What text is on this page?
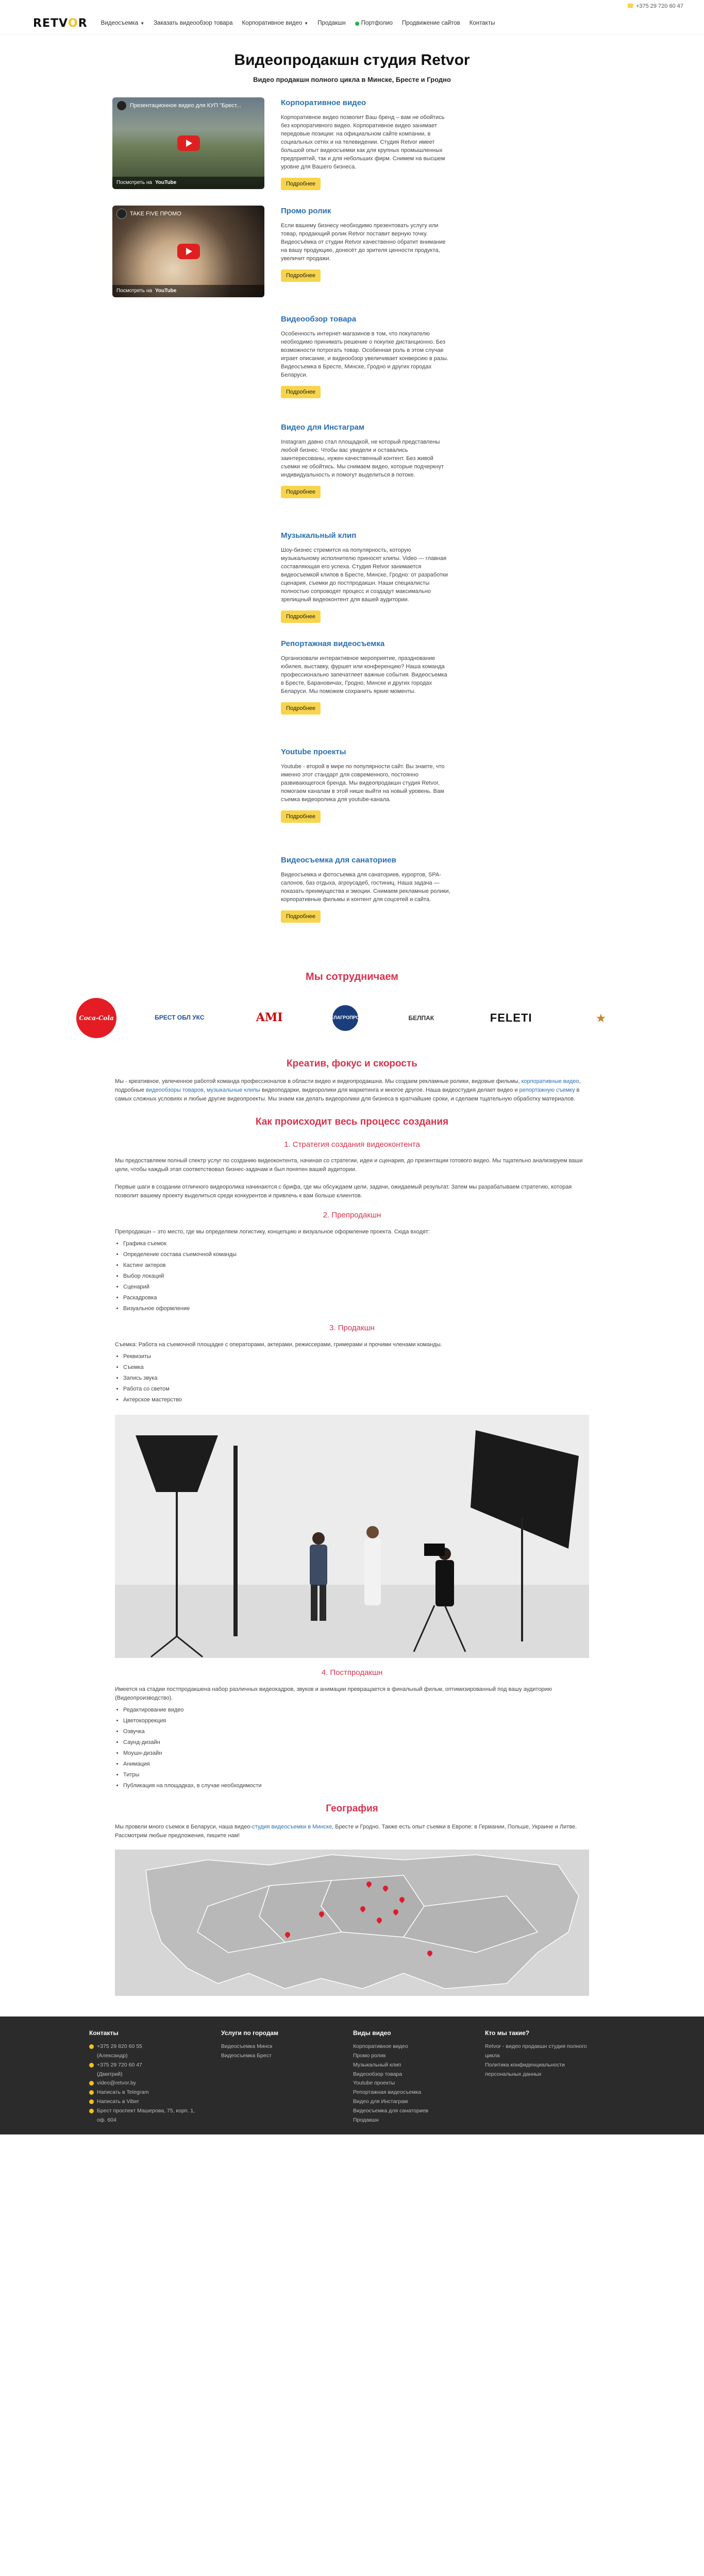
☎ +375 29 720 60 47
RETVOR Видеосъемка ▼ Заказать видеообзор товара Корпоративное видео ▼ Продакшн	Портфолио Продвижение сайтов Контакты
Видеопродакшн студия Retvor

Видео продакшн полного цикла в Минске, Бресте и Гродно

Презентационное видео для КУП "Брест...
Посмотреть на YouTube
Корпоративное видео

Корпоративное видео позволит Ваш бренд – вам не обойтись без корпоративного видео. Корпоративное видео занимает передовые позиции: на официальном сайте компании, в социальных сетях и на телевидении. Студия Retvor имеет большой опыт видеосъемки как для крупных промышленных предприятий, так и для небольших фирм. Снимем на высшем уровне для Вашего бизнеса.

Подробнее
TAKE FIVE ПРОМО
Посмотреть на YouTube
Промо ролик

Если вашему бизнесу необходимо презентовать услугу или товар, продающий ролик Retvor поставит верную точку. Видеосъёмка от студии Retvor качественно обратит внимание на вашу продукцию, донесёт до зрителя ценности продукта, увеличит продажи.

Подробнее
Видеообзор товара

Особенность интернет-магазинов в том, что покупателю необходимо принимать решение о покупке дистанционно. Без возможности потрогать товар. Особенная роль в этом случае играет описание, и видеообзор увеличивает конверсию в разы. Видеосъемка в Бресте, Минске, Гродно и других городах Беларуси.

Подробнее
Видео для Инстаграм

Instagram давно стал площадкой, не который представлены любой бизнес. Чтобы вас увидели и оставались заинтересованы, нужен качественный контент. Без живой съемки не обойтись. Мы снимаем видео, которые подчеркнут индивидуальность и помогут выделиться в потоке.

Подробнее
Музыкальный клип

Шоу-бизнес стремится на популярность, которую музыкальному исполнителю приносят клипы. Video — главная составляющая его успеха. Студия Retvor занимается видеосъемкой клипов в Бресте, Минске, Гродно: от разработки сценария, съемки до постпродакшн. Наши специалисты полностью сопроводят процесс и создадут максимально зрелищный видеоконтент для вашей аудитории.

Подробнее
Репортажная видеосъемка

Организовали интерактивное мероприятие, празднование юбилея, выставку, фуршет или конференцию? Наша команда профессионально запечатлеет важные события. Видеосъемка в Бресте, Барановичах, Гродно, Минске и других городах Беларуси. Мы поможем сохранить яркие моменты.

Подробнее
Youtube проекты

Youtube - второй в мире по популярности сайт. Вы знаете, что именно этот стандарт для современного, постоянно развивающегося бренда. Мы видеопродакшн студия Retvor, помогаем каналам в этой нише выйти на новый уровень. Вам съемка видеоролика для youtube-канала.

Подробнее
Видеосъемка для санаториев

Видеосъемка и фотосъемка для санаториев, курортов, SPA-салонов, баз отдыха, агроусадеб, гостиниц. Наша задача — показать преимущества и эмоции. Снимаем рекламные ролики, корпоративные фильмы и контент для соцсетей и сайта.

Подробнее
Мы сотрудничаем
Coca-Cola	БРЕСТ ОБЛ УКС	AMI	БЕЛАГРОПРОМ	БЕЛПАК	FELETI	★
Креатив, фокус и скорость
Мы - креативное, увлеченное работой команда профессионалов в области видео и видеопродакшна. Мы создаем рекламные ролики, видовые фильмы, корпоративные видео, подробные видеообзоры товаров, музыкальные клипы видеоподарки, видеоролики для маркетинга и многое другое. Наша видеостудия делает видео и репортажную съемку в самых сложных условиях и любые другие видеопроекты. Мы знаем как делать видеоролики для бизнеса в кратчайшие сроки, и сделаем тщательную обработку материалов.
Как происходит весь процесс создания
1. Стратегия создания видеоконтента

Мы предоставляем полный спектр услуг по созданию видеоконтента, начиная со стратегии, идеи и сценария, до презентации готового видео. Мы тщательно анализируем ваши цели, чтобы каждый этап соответствовал бизнес-задачам и был понятен вашей аудитории.

Первые шаги в создании отличного видеоролика начинаются с брифа, где мы обсуждаем цели, задачи, ожидаемый результат. Затем мы разрабатываем стратегию, которая позволит вашему проекту выделиться среди конкурентов и привлечь к вам больше клиентов.

2. Препродакшн

Препродакшн – это место, где мы определяем логистику, концепцию и визуальное оформление проекта. Сюда входят:

• Графика съемок
• Определение состава съемочной команды
• Кастинг актеров
• Выбор локаций
• Сценарий
• Раскадровка
• Визуальное оформление
3. Продакшн

Съемка: Работа на съемочной площадке с операторами, актерами, режиссерами, гримерами и прочими членами команды.

• Реквизиты
• Съемка
• Запись звука
• Работа со светом
• Актерское мастерство
4. Постпродакшн

Имеется на стадии постпродакшена набор различных видеокадров, звуков и анимации превращается в финальный фильм, оптимизированный под вашу аудиторию (Видеопроизводство).

• Редактирование видео
• Цветокоррекция
• Озвучка
• Саунд-дизайн
• Моушн-дизайн
• Анимация
• Титры
• Публикация на площадках, в случае необходимости
География
Мы провели много съемок в Беларуси, наша видео-студия видеосъемки в Минске, Бресте и Гродно. Также есть опыт съемки в Европе: в Германии, Польше, Украине и Литве. Рассмотрим любые предложения, пишите нам!
Контакты
+375 29 820 60 55
(Александр)
+375 29 720 60 47
(Дмитрий)
video@retvor.by
Написать в Telegram
Написать в Viber
Брест проспект Машерова, 75, корп. 1, оф. 604
Услуги по городам
Видеосъемка Минск
Видеосъемка Брест
Виды видео
Корпоративное видео
Промо ролик
Музыкальный клип
Видеообзор товара
Youtube проекты
Репортажная видеосъемка
Видео для Инстаграм
Видеосъемка для санаториев
Продакшн
Кто мы такие?

Retvor - видео продакшн студия полного цикла

Политика конфиденциальности персональных данных
